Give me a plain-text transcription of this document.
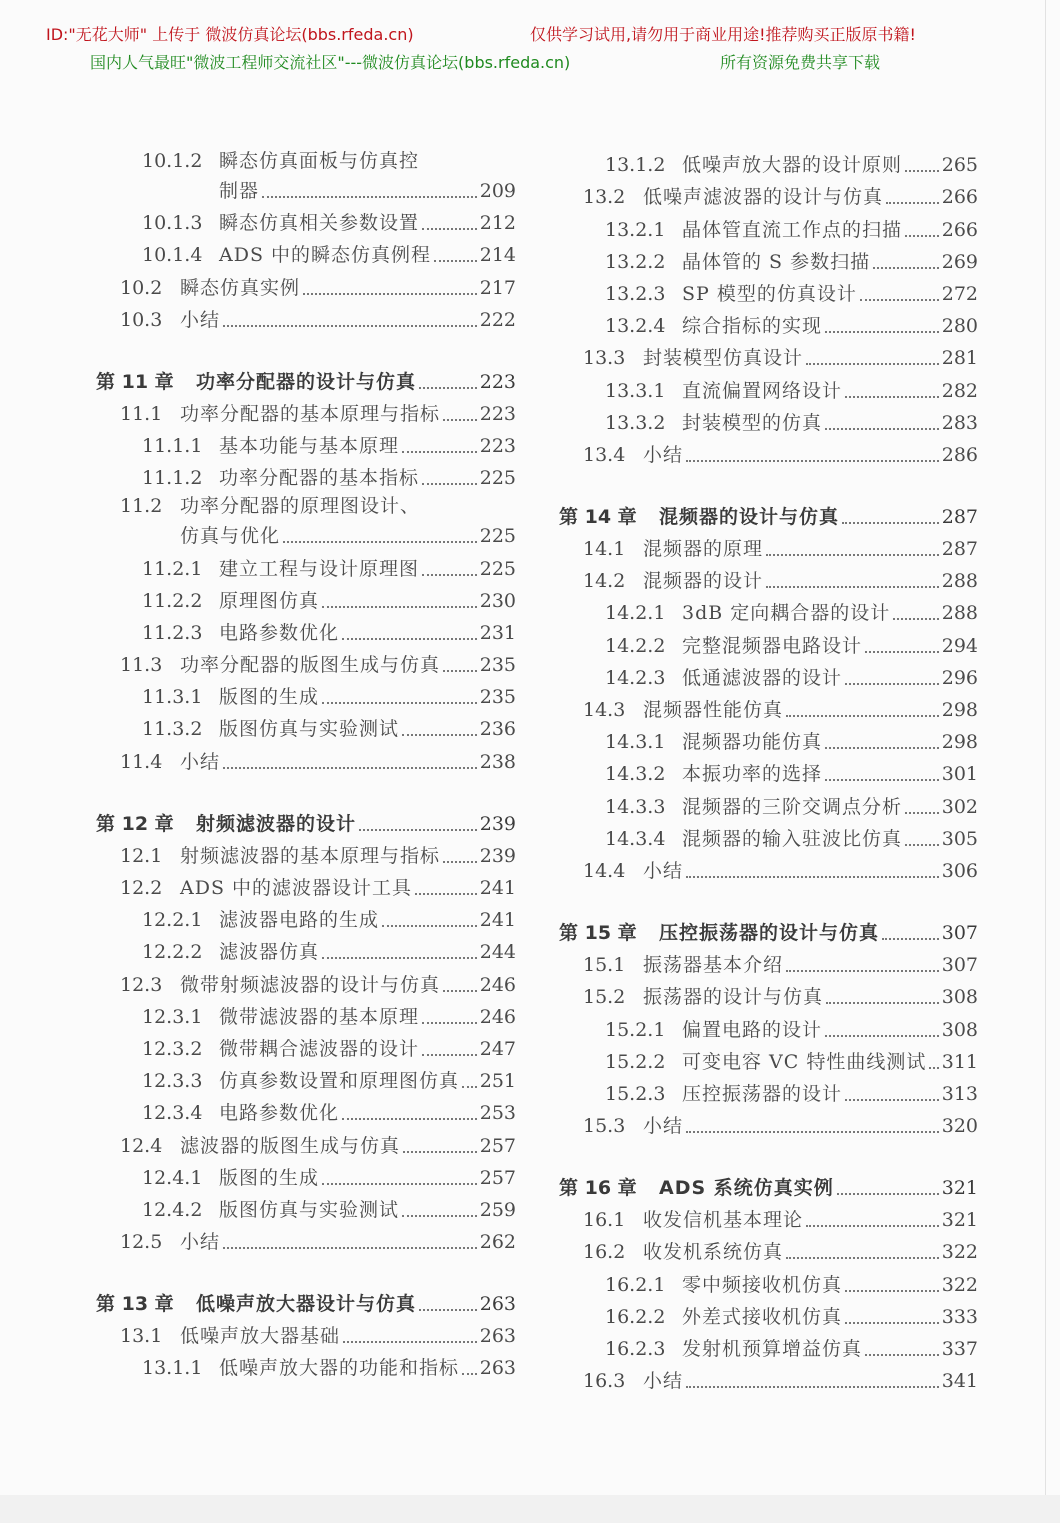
ID:"无花大师" 上传于 微波仿真论坛(bbs.rfeda.cn)	仅供学习试用,请勿用于商业用途!推荐购买正版原书籍!
国内人气最旺"微波工程师交流社区"---微波仿真论坛(bbs.rfeda.cn)	所有资源免费共享下载
10.1.2 瞬态仿真面板与仿真控
制器	209
10.1.3 瞬态仿真相关参数设置	212
10.1.4 ADS 中的瞬态仿真例程	214
10.2 瞬态仿真实例	217
10.3 小结	222
第 11 章	功率分配器的设计与仿真	223
11.1 功率分配器的基本原理与指标 223
11.1.1 基本功能与基本原理	223
11.1.2 功率分配器的基本指标	225
11.2 功率分配器的原理图设计、
仿真与优化	225
11.2.1 建立工程与设计原理图	225
11.2.2 原理图仿真	230
11.2.3 电路参数优化	231
11.3 功率分配器的版图生成与仿真 235
11.3.1 版图的生成	235
11.3.2 版图仿真与实验测试	236
11.4 小结	238
第 12 章	射频滤波器的设计	239
12.1 射频滤波器的基本原理与指标 239
12.2 ADS 中的滤波器设计工具	241
12.2.1 滤波器电路的生成	241
12.2.2 滤波器仿真	244
12.3 微带射频滤波器的设计与仿真 246
12.3.1 微带滤波器的基本原理	246
12.3.2 微带耦合滤波器的设计	247
12.3.3 仿真参数设置和原理图仿真 251
12.3.4 电路参数优化	253
12.4 滤波器的版图生成与仿真	257
12.4.1 版图的生成	257
12.4.2 版图仿真与实验测试	259
12.5 小结	262
第 13 章	低噪声放大器设计与仿真	263
13.1 低噪声放大器基础	263
13.1.1 低噪声放大器的功能和指标 263
13.1.2 低噪声放大器的设计原则 265
13.2 低噪声滤波器的设计与仿真	266
13.2.1 晶体管直流工作点的扫描 266
13.2.2 晶体管的 S 参数扫描	269
13.2.3 SP 模型的仿真设计	272
13.2.4 综合指标的实现	280
13.3 封装模型仿真设计	281
13.3.1 直流偏置网络设计	282
13.3.2 封装模型的仿真	283
13.4 小结	286
第 14 章	混频器的设计与仿真	287
14.1 混频器的原理	287
14.2 混频器的设计	288
14.2.1 3dB 定向耦合器的设计	288
14.2.2 完整混频器电路设计	294
14.2.3 低通滤波器的设计	296
14.3 混频器性能仿真	298
14.3.1 混频器功能仿真	298
14.3.2 本振功率的选择	301
14.3.3 混频器的三阶交调点分析 302
14.3.4 混频器的输入驻波比仿真 305
14.4 小结	306
第 15 章	压控振荡器的设计与仿真	307
15.1 振荡器基本介绍	307
15.2 振荡器的设计与仿真	308
15.2.1 偏置电路的设计	308
15.2.2 可变电容 VC 特性曲线测试 311
15.2.3 压控振荡器的设计	313
15.3 小结	320
第 16 章	ADS 系统仿真实例	321
16.1 收发信机基本理论	321
16.2 收发机系统仿真	322
16.2.1 零中频接收机仿真	322
16.2.2 外差式接收机仿真	333
16.2.3 发射机预算增益仿真	337
16.3 小结	341
